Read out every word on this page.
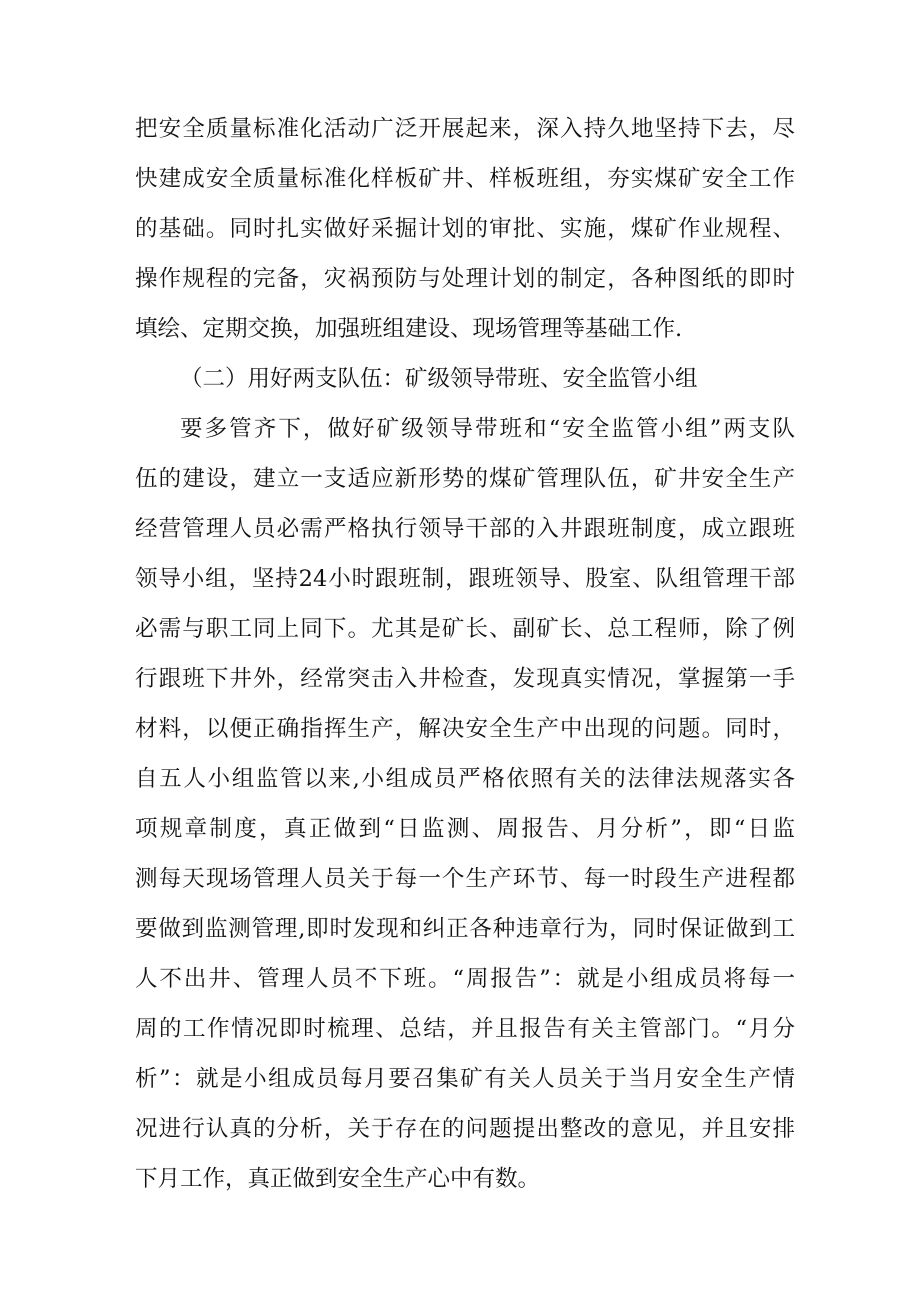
把安全质量标准化活动广泛开展起来，深入持久地坚持下去，尽
快建成安全质量标准化样板矿井、样板班组，夯实煤矿安全工作
的基础。同时扎实做好采掘计划的审批、实施，煤矿作业规程、
操作规程的完备，灾祸预防与处理计划的制定，各种图纸的即时
填绘、定期交换，加强班组建设、现场管理等基础工作.
（二）用好两支队伍：矿级领导带班、安全监管小组
要多管齐下，做好矿级领导带班和“安全监管小组”两支队
伍的建设，建立一支适应新形势的煤矿管理队伍，矿井安全生产
经营管理人员必需严格执行领导干部的入井跟班制度，成立跟班
领导小组，坚持24小时跟班制，跟班领导、股室、队组管理干部
必需与职工同上同下。尤其是矿长、副矿长、总工程师，除了例
行跟班下井外，经常突击入井检查，发现真实情况，掌握第一手
材料，以便正确指挥生产，解决安全生产中出现的问题。同时，
自五人小组监管以来,小组成员严格依照有关的法律法规落实各
项规章制度，真正做到“日监测、周报告、月分析”，即“日监
测每天现场管理人员关于每一个生产环节、每一时段生产进程都
要做到监测管理,即时发现和纠正各种违章行为，同时保证做到工
人不出井、管理人员不下班。“周报告”：就是小组成员将每一
周的工作情况即时梳理、总结，并且报告有关主管部门。“月分
析”：就是小组成员每月要召集矿有关人员关于当月安全生产情
况进行认真的分析，关于存在的问题提出整改的意见，并且安排
下月工作，真正做到安全生产心中有数。
